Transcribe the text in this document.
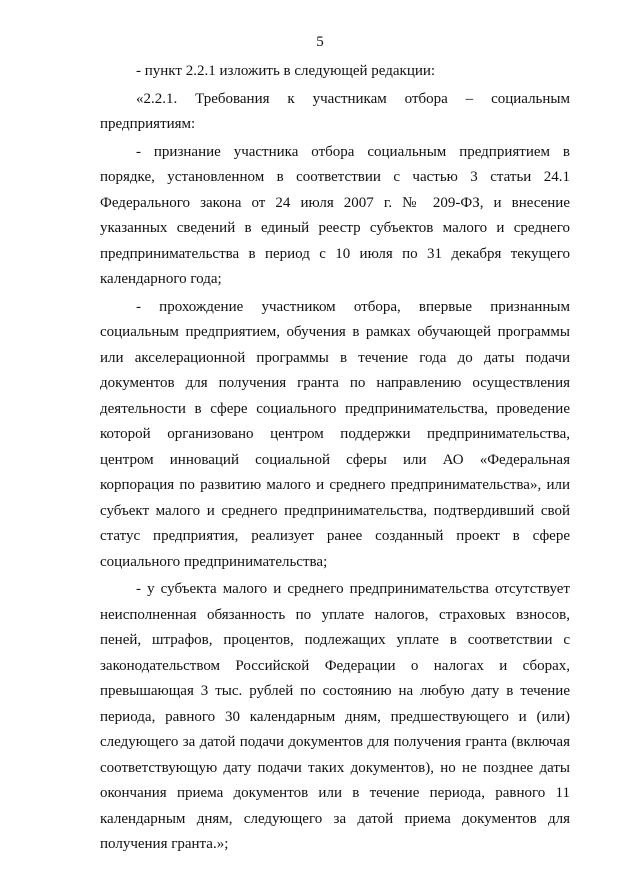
5

- пункт 2.2.1 изложить в следующей редакции:

«2.2.1. Требования к участникам отбора – социальным предприятиям:

- признание участника отбора социальным предприятием в порядке, установленном в соответствии с частью 3 статьи 24.1 Федерального закона от 24 июля 2007 г. № 209-ФЗ, и внесение указанных сведений в единый реестр субъектов малого и среднего предпринимательства в период с 10 июля по 31 декабря текущего календарного года;

- прохождение участником отбора, впервые признанным социальным предприятием, обучения в рамках обучающей программы или акселерационной программы в течение года до даты подачи документов для получения гранта по направлению осуществления деятельности в сфере социального предпринимательства, проведение которой организовано центром поддержки предпринимательства, центром инноваций социальной сферы или АО «Федеральная корпорация по развитию малого и среднего предпринимательства», или субъект малого и среднего предпринимательства, подтвердивший свой статус предприятия, реализует ранее созданный проект в сфере социального предпринимательства;

- у субъекта малого и среднего предпринимательства отсутствует неисполненная обязанность по уплате налогов, страховых взносов, пеней, штрафов, процентов, подлежащих уплате в соответствии с законодательством Российской Федерации о налогах и сборах, превышающая 3 тыс. рублей по состоянию на любую дату в течение периода, равного 30 календарным дням, предшествующего и (или) следующего за датой подачи документов для получения гранта (включая соответствующую дату подачи таких документов), но не позднее даты окончания приема документов или в течение периода, равного 11 календарным дням, следующего за датой приема документов для получения гранта.»;
